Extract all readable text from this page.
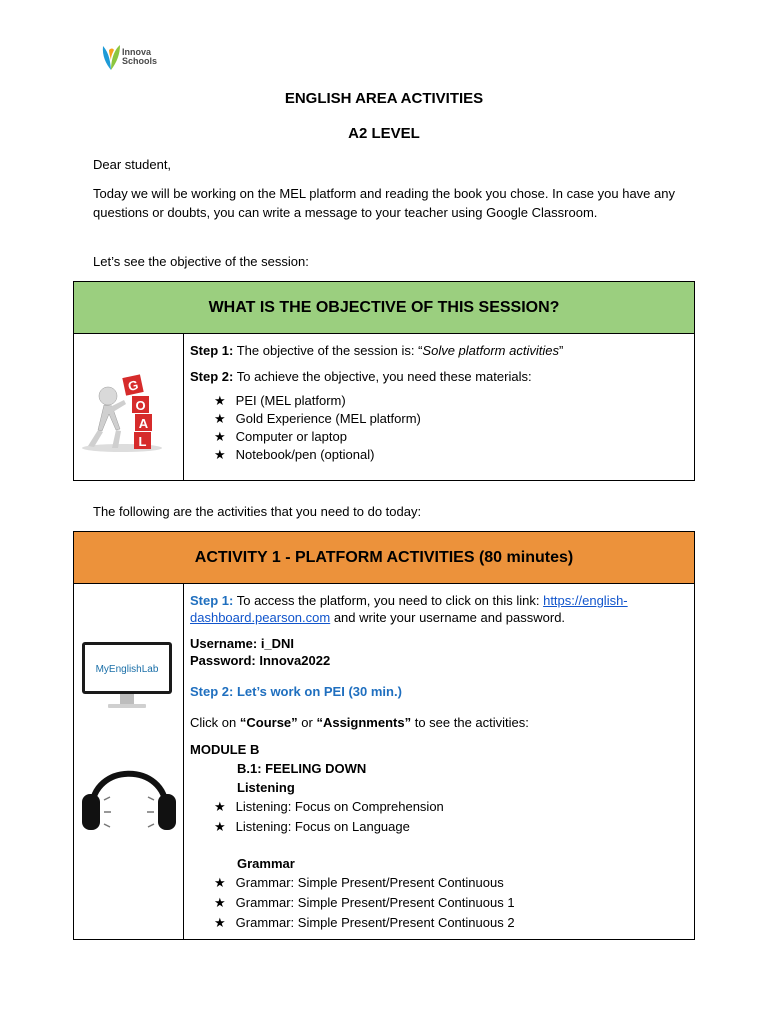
Innova
Schools
ENGLISH AREA ACTIVITIES
A2 LEVEL
Dear student,
Today we will be working on the MEL platform and reading the book you chose. In case you have any questions or doubts, you can write a message to your teacher using Google Classroom.
Let’s see the objective of the session:
WHAT IS THE OBJECTIVE OF THIS SESSION?

G
O
A
L

Step 1: The objective of the session is: “Solve platform activities”

Step 2: To achieve the objective, you need these materials:

★ PEI (MEL platform)
★ Gold Experience (MEL platform)
★ Computer or laptop
★ Notebook/pen (optional)
The following are the activities that you need to do today:
ACTIVITY 1 - PLATFORM ACTIVITIES (80 minutes)

MyEnglishLab

Step 1: To access the platform, you need to click on this link: https://english-dashboard.pearson.com and write your username and password.

Username: i_DNI
Password: Innova2022

Step 2: Let’s work on PEI (30 min.)

Click on “Course” or “Assignments” to see the activities:

MODULE B
B.1: FEELING DOWN
Listening
★ Listening: Focus on Comprehension
★ Listening: Focus on Language
Grammar
★ Grammar: Simple Present/Present Continuous
★ Grammar: Simple Present/Present Continuous 1
★ Grammar: Simple Present/Present Continuous 2
